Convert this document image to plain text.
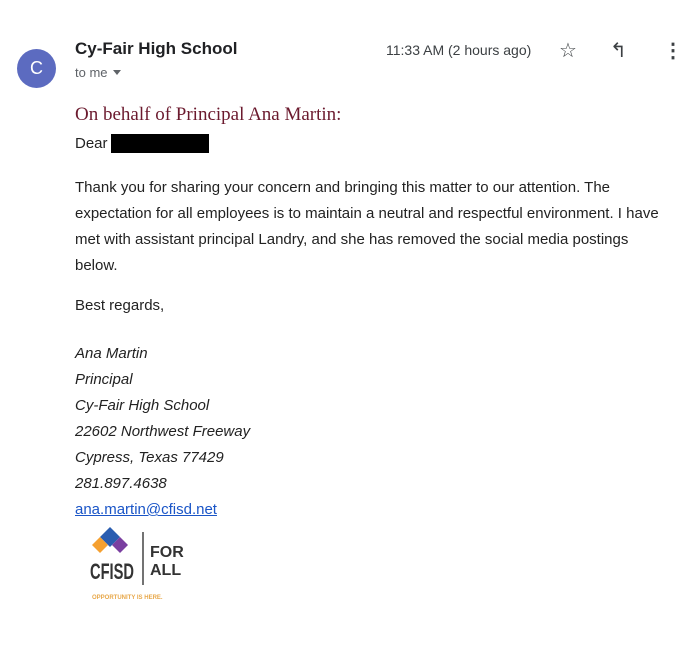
C
Cy-Fair High School
to me
11:33 AM (2 hours ago) ☆ ↰ ⋮
On behalf of Principal Ana Martin:
Dear

Thank you for sharing your concern and bringing this matter to our attention. The expectation for all employees is to maintain a neutral and respectful environment. I have met with assistant principal Landry, and she has removed the social media postings below.

Best regards,
Ana Martin
Principal
Cy-Fair High School
22602 Northwest Freeway
Cypress, Texas 77429
281.897.4638
ana.martin@cfisd.net
CFISD
FOR
ALL
OPPORTUNITY IS HERE.
